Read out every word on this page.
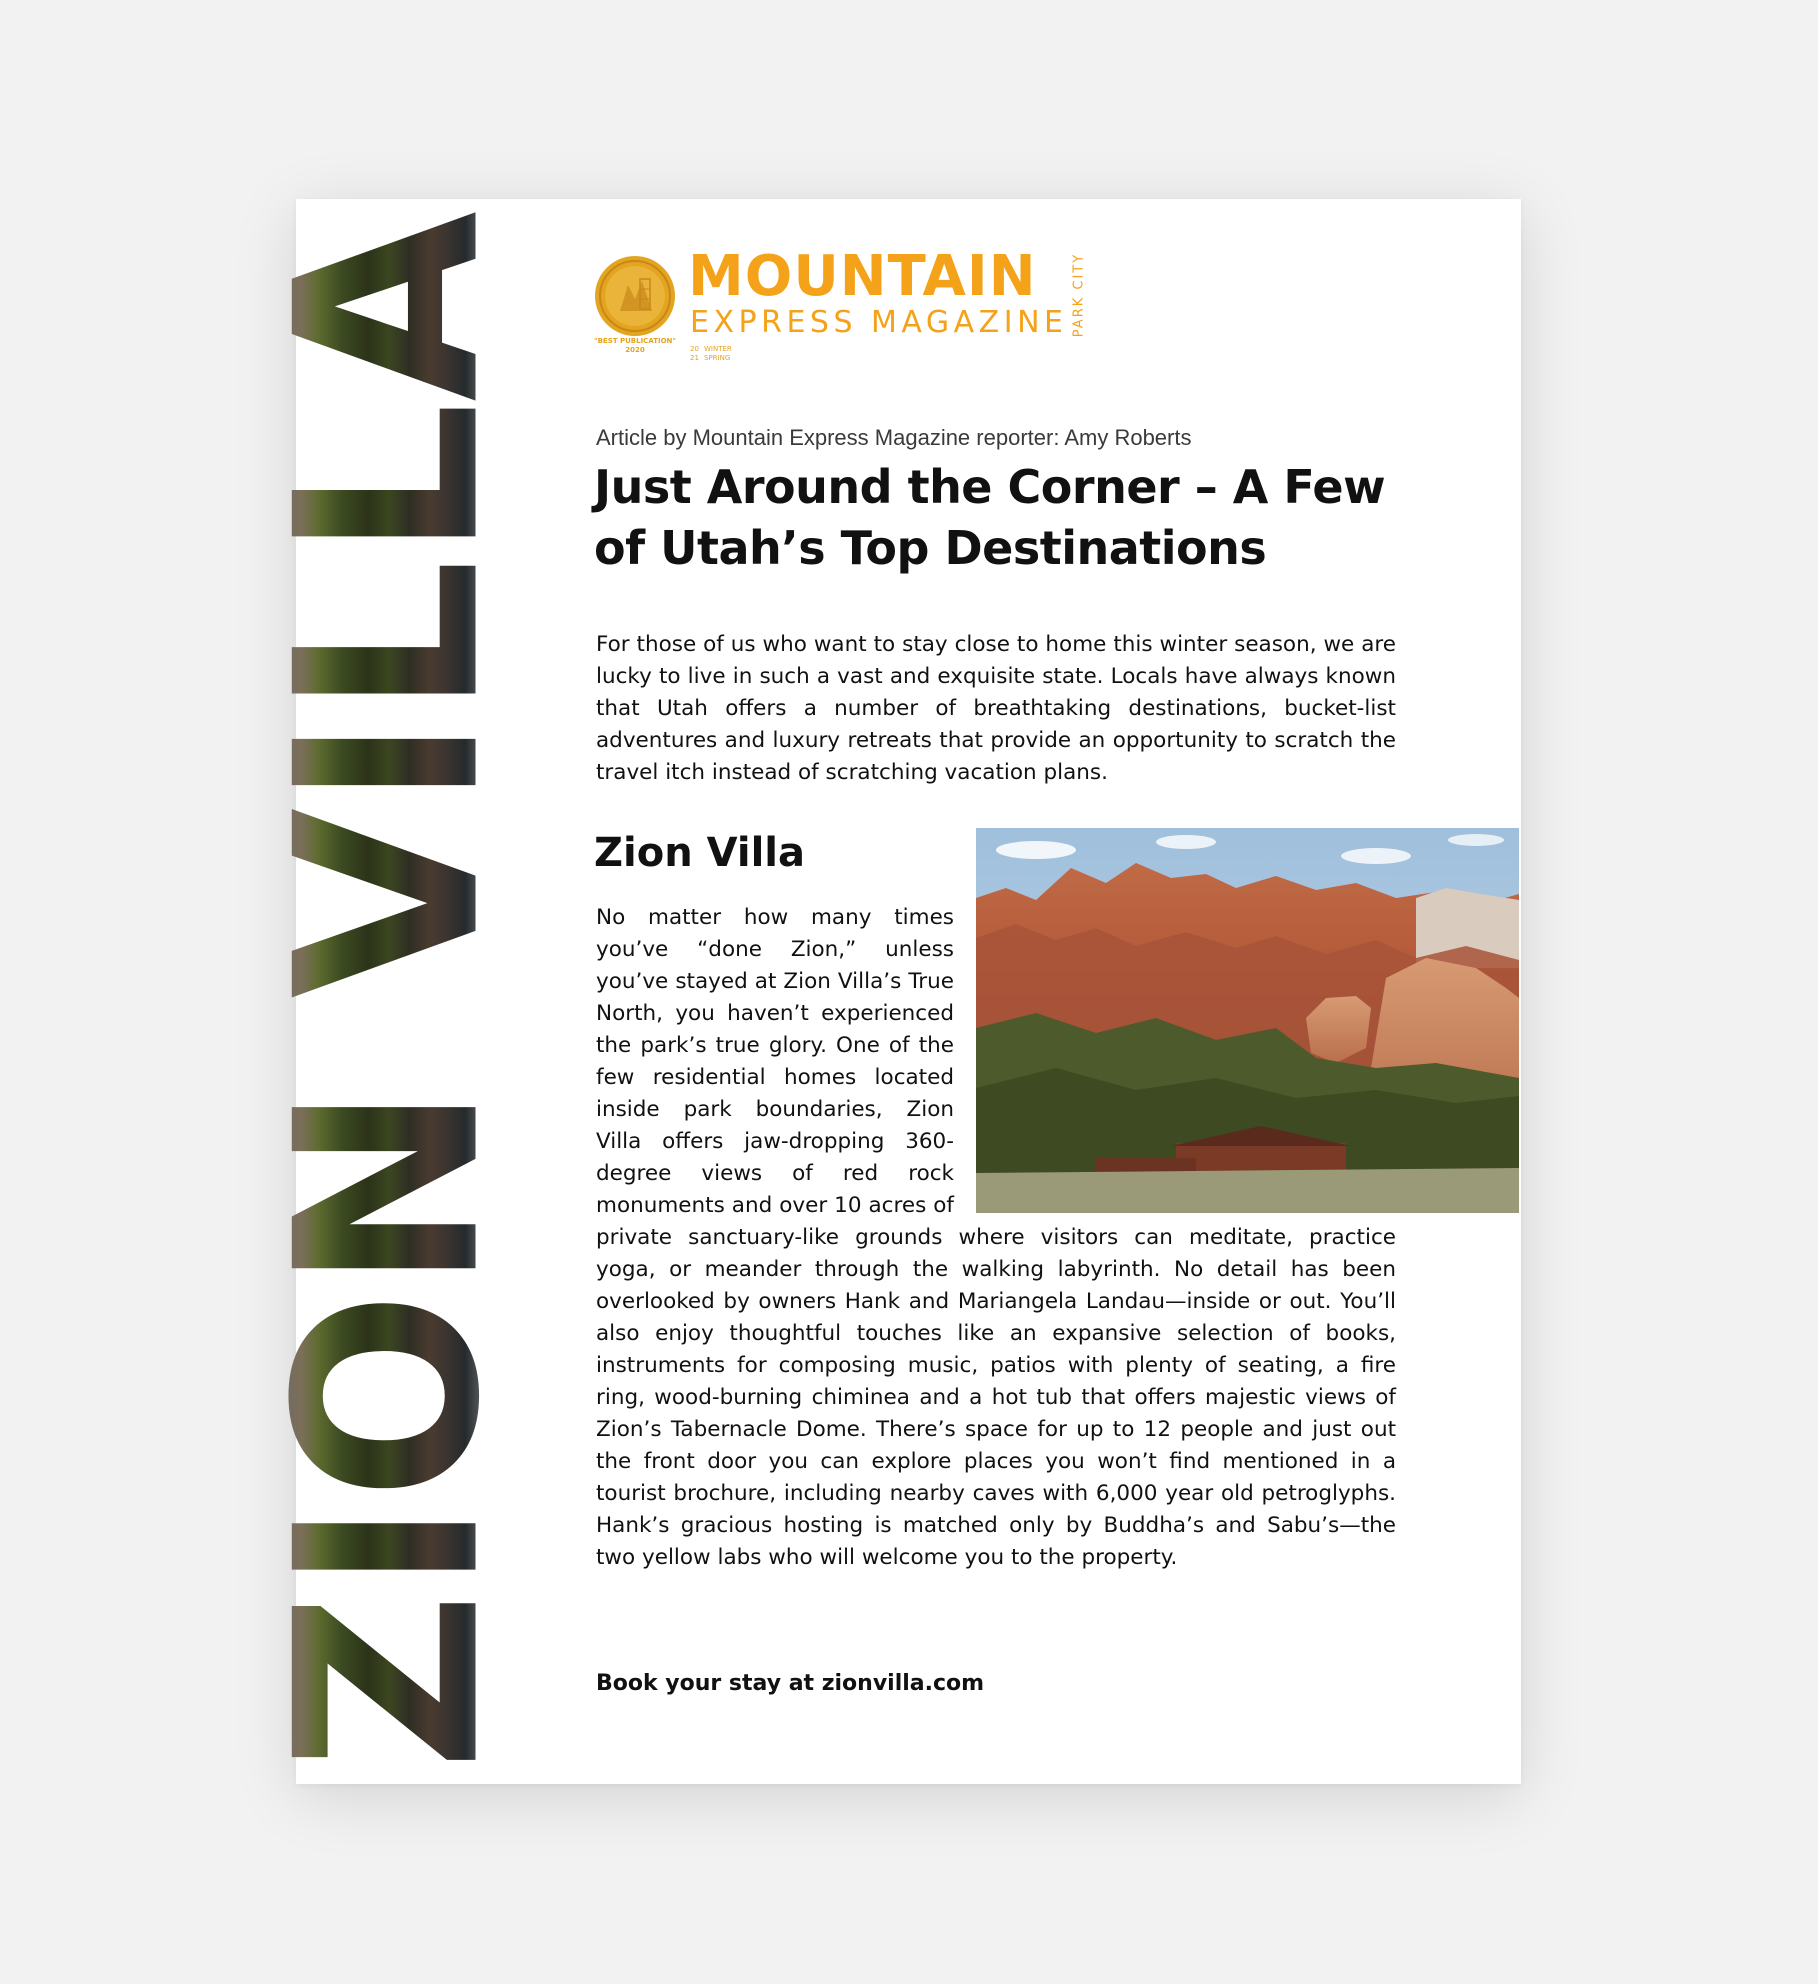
ZION VILLA	"BEST PUBLICATION"
2020
MOUNTAIN
EXPRESS MAGAZINE PARK CITY
20 WINTER
21 SPRING
Article by Mountain Express Magazine reporter: Amy Roberts
Just Around the Corner – A Few of Utah’s Top Destinations

For those of us who want to stay close to home this winter season, we are lucky to live in such a vast and exquisite state. Locals have always known that Utah offers a number of breathtaking destinations, bucket-list adventures and luxury retreats that provide an opportunity to scratch the travel itch instead of scratching vacation plans.

Zion Villa

No matter how many times you’ve “done Zion,” unless you’ve stayed at Zion Villa’s True North, you haven’t experienced the park’s true glory. One of the few residential homes located inside park boundaries, Zion Villa offers jaw-dropping 360-degree views of red rock monuments and over 10 acres of private sanctuary-like grounds where visitors can meditate, practice yoga, or meander through the walking labyrinth. No detail has been overlooked by owners Hank and Mariangela Landau—inside or out. You’ll also enjoy thoughtful touches like an expansive selection of books, instruments for composing music, patios with plenty of seating, a fire ring, wood-burning chiminea and a hot tub that offers majestic views of Zion’s Tabernacle Dome. There’s space for up to 12 people and just out the front door you can explore places you won’t find mentioned in a tourist brochure, including nearby caves with 6,000 year old petroglyphs. Hank’s gracious hosting is matched only by Buddha’s and Sabu’s—the two yellow labs who will welcome you to the property.

Book your stay at zionvilla.com
